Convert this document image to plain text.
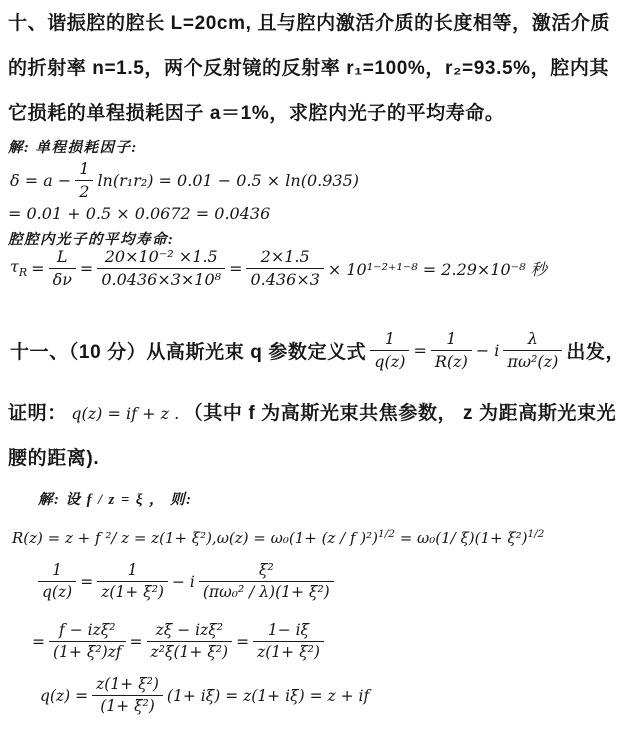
十、谐振腔的腔长 L=20cm, 且与腔内激活介质的长度相等，激活介质
的折射率 n=1.5，两个反射镜的反射率 r₁=100%，r₂=93.5%，腔内其
它损耗的单程损耗因子 a＝1%，求腔内光子的平均寿命。
解: 单程损耗因子:
$\delta = a - \frac{1}{2} \ln(r_1r_2) = 0.01 - 0.5 \times \ln(0.935)$
= 0.01 + 0.5 × 0.0672 = 0.0436
腔腔内光子的平均寿命:
$\tau_R = \frac{L}{\delta\nu} = \frac{\text{20×10⁻² ×1.5}}{\text{0.0436×3×10⁸}} = \frac{2\times 1.5}{0.436\times 3} \times 10^{1-2+1-8} = 2.29\times 10^{-8}$ 秒
十一、（10 分）从高斯光束 q 参数定义式 $\frac{1}{q(z)} = \frac{1}{R(z)} - i \frac{\lambda}{\text{πω²(z)}}$ 出发，
证明： q(z) = if + z . （其中 f 为高斯光束共焦参数， z 为距高斯光束光
腰的距离).
解: 设 f / z = ξ ， 则:
R(z) = z + f ²/ z = z(1+ ξ²),ω(z) = ω₀(1+ (z / f )²)$^{1/2}$ = ω₀(1/ $\xi)(1+ \xi^2)^{1/2}$
$\frac{1}{q(z)} = \frac{1}{\text{z(1+ ξ²)}} - i \frac{\text{ξ²}}{\text{(πω₀² / λ)(1+ ξ²)}}$
= $\frac{\text{f − izξ²}}{\text{(1+ ξ²)zf}} = \frac{\text{zξ − izξ²}}{\text{z²ξ(1+ ξ²)}} = \frac{1- i\xi}{\text{z(1+ ξ²)}}$
$q(z) = \frac{\text{z(1+ ξ²)}}{\text{(1+ ξ²)}} (1+ i\xi) = z(1+ i\xi) = z$ + if
